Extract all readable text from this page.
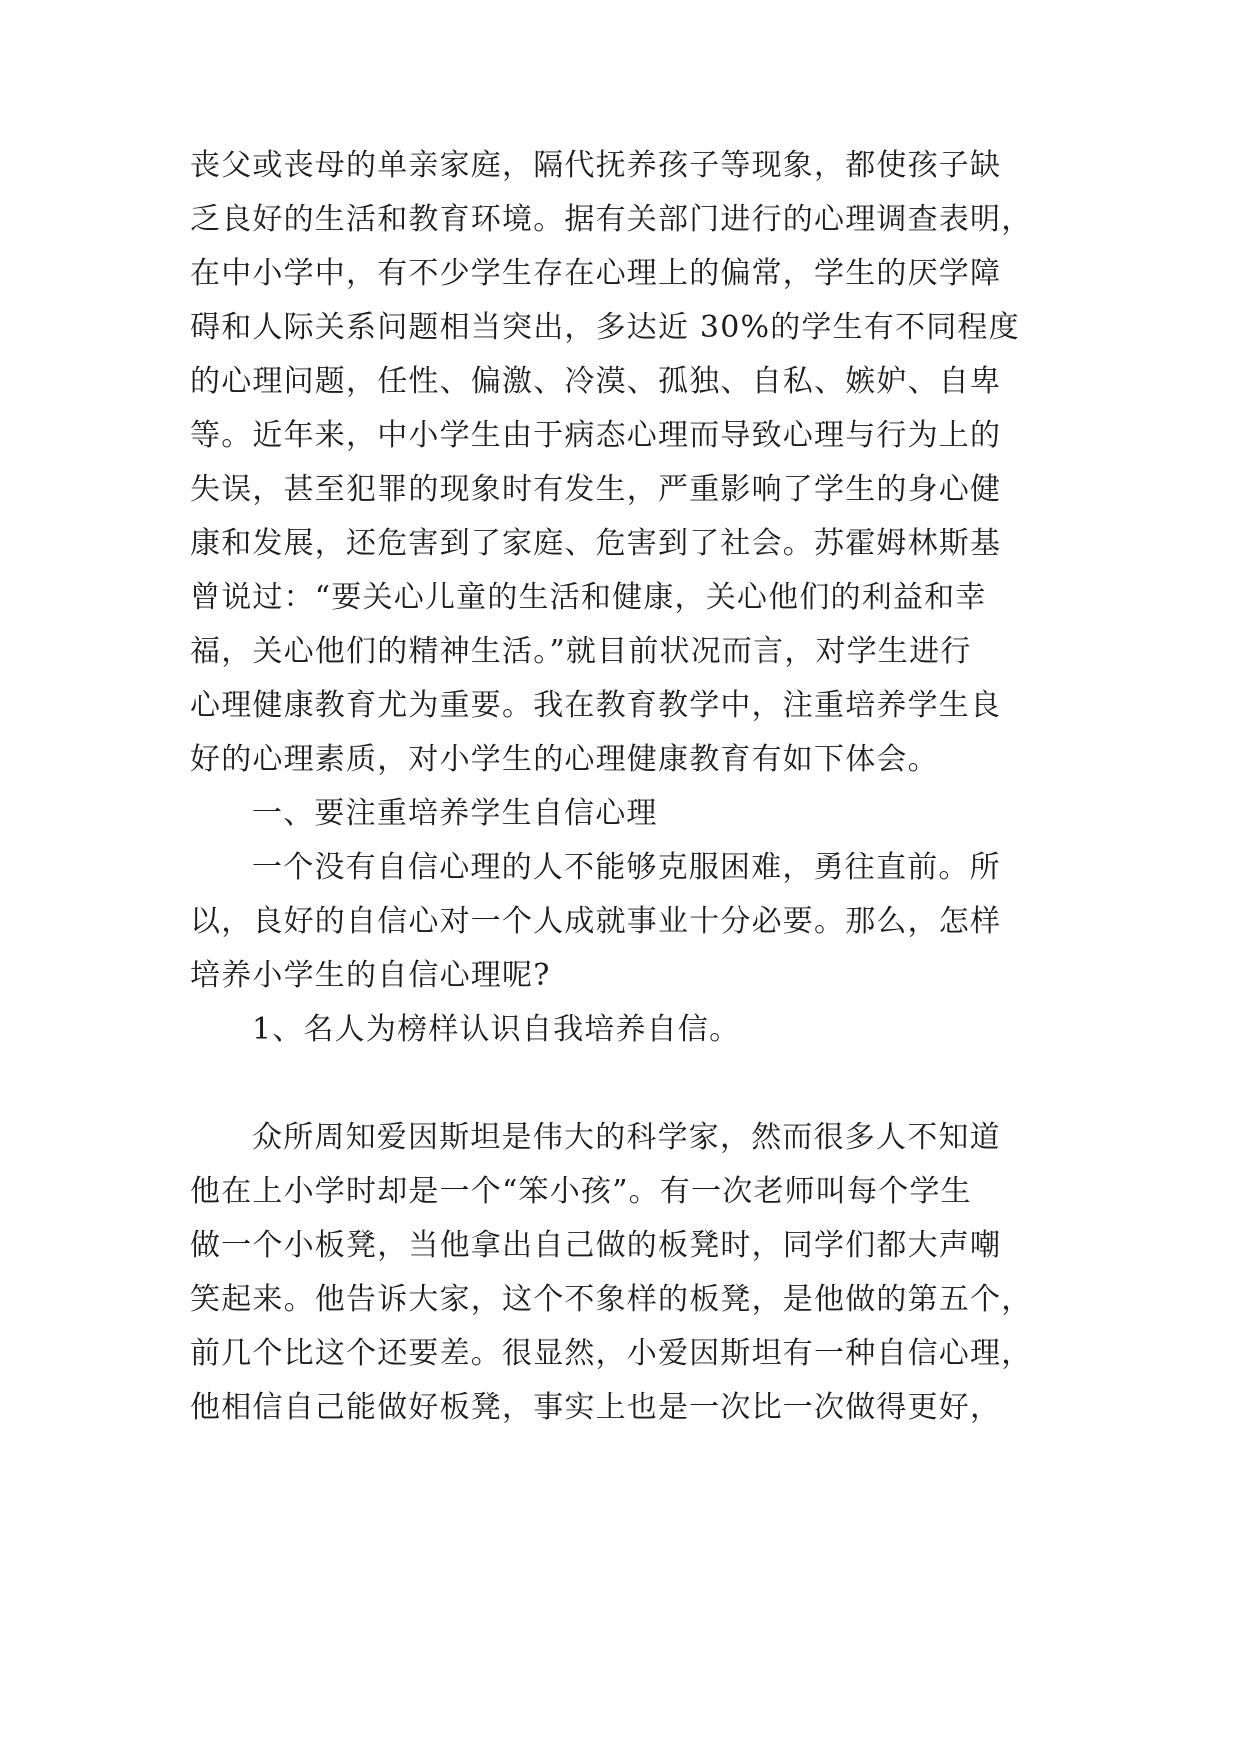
丧父或丧母的单亲家庭，隔代抚养孩子等现象，都使孩子缺
乏良好的生活和教育环境。据有关部门进行的心理调查表明，
在中小学中，有不少学生存在心理上的偏常，学生的厌学障
碍和人际关系问题相当突出，多达近 30%的学生有不同程度
的心理问题，任性、偏激、冷漠、孤独、自私、嫉妒、自卑
等。近年来，中小学生由于病态心理而导致心理与行为上的
失误，甚至犯罪的现象时有发生，严重影响了学生的身心健
康和发展，还危害到了家庭、危害到了社会。苏霍姆林斯基
曾说过：“要关心儿童的生活和健康，关心他们的利益和幸
福，关心他们的精神生活。”就目前状况而言，对学生进行
心理健康教育尤为重要。我在教育教学中，注重培养学生良
好的心理素质，对小学生的心理健康教育有如下体会。
一、要注重培养学生自信心理
一个没有自信心理的人不能够克服困难，勇往直前。所
以，良好的自信心对一个人成就事业十分必要。那么，怎样
培养小学生的自信心理呢?
1、名人为榜样认识自我培养自信。
众所周知爱因斯坦是伟大的科学家，然而很多人不知道
他在上小学时却是一个“笨小孩”。有一次老师叫每个学生
做一个小板凳，当他拿出自己做的板凳时，同学们都大声嘲
笑起来。他告诉大家，这个不象样的板凳，是他做的第五个，
前几个比这个还要差。很显然，小爱因斯坦有一种自信心理，
他相信自己能做好板凳，事实上也是一次比一次做得更好，
